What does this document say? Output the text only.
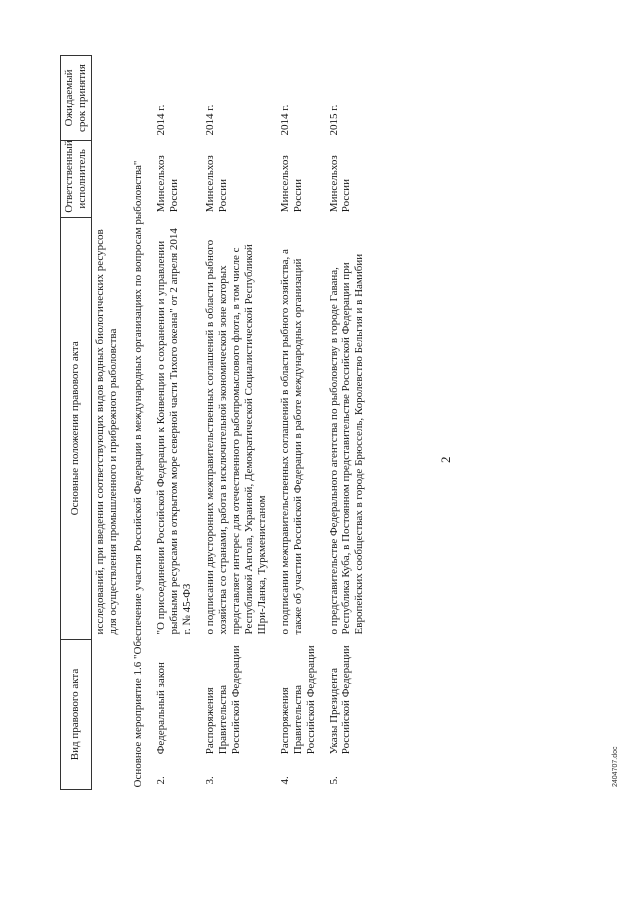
2
Вид правового акта		Основные положения правового акта	Ответственный исполнитель	Ожидаемый срок принятия
		исследований, при введении соответствующих видов водных биологических ресурсов для осуществления промышленного и прибрежного рыболовства		
Основное мероприятие 1.6 "Обеспечение участия Российской Федерации в международных организациях по вопросам рыболовства"				
2.	Федеральный закон	"О присоединении Российской Федерации к Конвенции о сохранении и управлении рыбными ресурсами в открытом море северной части Тихого океана" от 2 апреля 2014 г. № 45-ФЗ	Минсельхоз России	2014 г.
3.	Распоряжения Правительства Российской Федерации	о подписании двусторонних межправительственных соглашений в области рыбного хозяйства со странами, работа в исключительной экономической зоне которых представляет интерес для отечественного рыбопромыслового флота, в том числе с Республикой Ангола, Украиной, Демократической Социалистической Республикой Шри-Ланка, Туркменистаном	Минсельхоз России	2014 г.
4.	Распоряжения Правительства Российской Федерации	о подписании межправительственных соглашений в области рыбного хозяйства, а также об участии Российской Федерации в работе международных организаций	Минсельхоз России	2014 г.
5.	Указы Президента Российской Федерации	о представительстве Федерального агентства по рыболовству в городе Гавана, Республика Куба, в Постоянном представительстве Российской Федерации при Европейских сообществах в городе Брюссель, Королевство Бельгия и в Намибии	Минсельхоз России	2015 г.
2404707.doc
